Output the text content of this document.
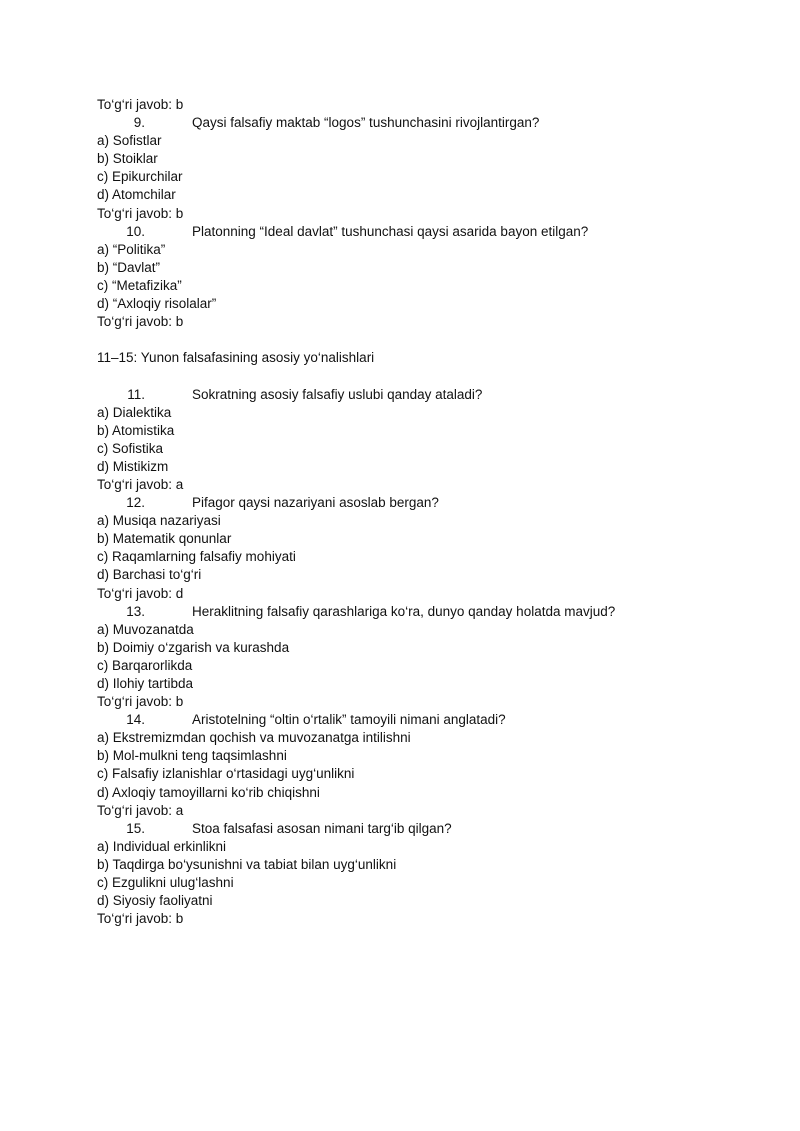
To‘g‘ri javob: b
9.	Qaysi falsafiy maktab “logos” tushunchasini rivojlantirgan?
a) Sofistlar
b) Stoiklar
c) Epikurchilar
d) Atomchilar
To‘g‘ri javob: b
10.	Platonning “Ideal davlat” tushunchasi qaysi asarida bayon etilgan?
a) “Politika”
b) “Davlat”
c) “Metafizika”
d) “Axloqiy risolalar”
To‘g‘ri javob: b
11–15: Yunon falsafasining asosiy yo‘nalishlari
11.	Sokratning asosiy falsafiy uslubi qanday ataladi?
a) Dialektika
b) Atomistika
c) Sofistika
d) Mistikizm
To‘g‘ri javob: a
12.	Pifagor qaysi nazariyani asoslab bergan?
a) Musiqa nazariyasi
b) Matematik qonunlar
c) Raqamlarning falsafiy mohiyati
d) Barchasi to‘g‘ri
To‘g‘ri javob: d
13.	Heraklitning falsafiy qarashlariga ko‘ra, dunyo qanday holatda mavjud?
a) Muvozanatda
b) Doimiy o‘zgarish va kurashda
c) Barqarorlikda
d) Ilohiy tartibda
To‘g‘ri javob: b
14.	Aristotelning “oltin o‘rtalik” tamoyili nimani anglatadi?
a) Ekstremizmdan qochish va muvozanatga intilishni
b) Mol-mulkni teng taqsimlashni
c) Falsafiy izlanishlar o‘rtasidagi uyg‘unlikni
d) Axloqiy tamoyillarni ko‘rib chiqishni
To‘g‘ri javob: a
15.	Stoa falsafasi asosan nimani targ‘ib qilgan?
a) Individual erkinlikni
b) Taqdirga bo‘ysunishni va tabiat bilan uyg‘unlikni
c) Ezgulikni ulug‘lashni
d) Siyosiy faoliyatni
To‘g‘ri javob: b
